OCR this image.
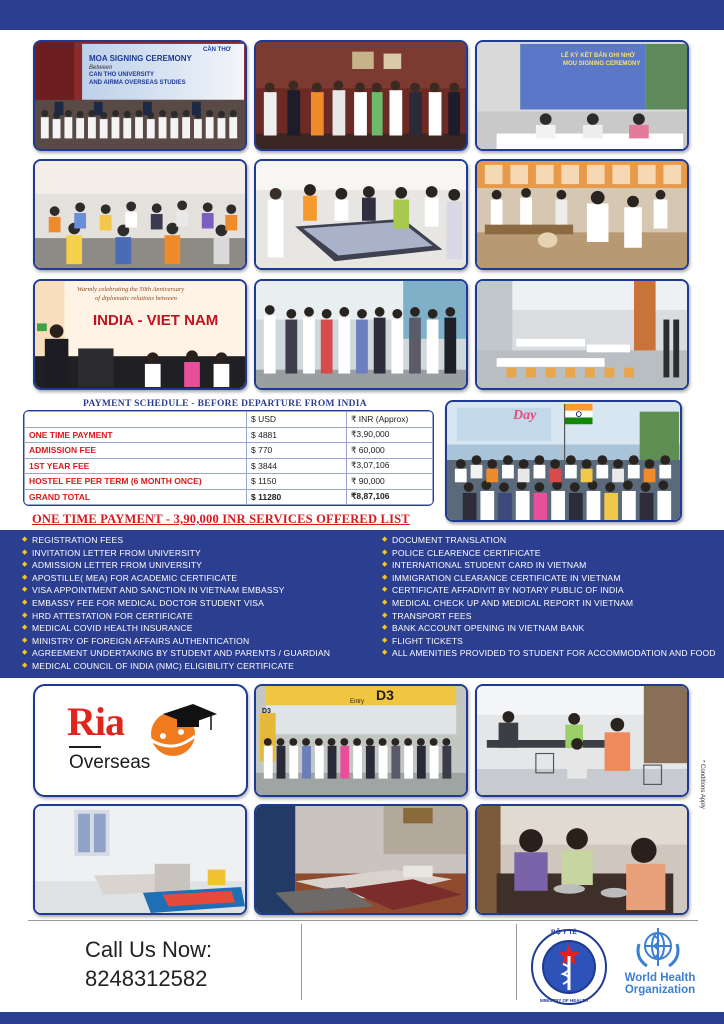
MOA SIGNING CEREMONY
Between
CAN THO UNIVERSITY
AND AIRMA OVERSEAS STUDIES
CẦN THƠ
LỄ KÝ KẾT BẢN GHI NHỚ
MOU SIGNING CEREMONY
Warmly celebrating the 50th Anniversary
of diplomatic relations between
INDIA - VIET NAM
PAYMENT SCHEDULE - BEFORE DEPARTURE FROM INDIA
	$ USD	₹ INR (Approx)
ONE TIME PAYMENT	$ 4881	₹3,90,000
ADMISSION FEE	$ 770	₹ 60,000
1ST YEAR FEE	$ 3844	₹3,07,106
HOSTEL FEE PER TERM (6 MONTH ONCE)	$ 1150	₹ 90,000
GRAND TOTAL	$ 11280	₹8,87,106
Day
ONE TIME PAYMENT - 3,90,000 INR SERVICES OFFERED LIST
◆ REGISTRATION FEES
◆ INVITATION LETTER FROM UNIVERSITY
◆ ADMISSION LETTER FROM UNIVERSITY
◆ APOSTILLE( MEA) FOR ACADEMIC CERTIFICATE
◆ VISA APPOINTMENT AND SANCTION IN VIETNAM EMBASSY
◆ EMBASSY FEE FOR MEDICAL DOCTOR STUDENT VISA
◆ HRD ATTESTATION FOR CERTIFICATE
◆ MEDICAL COVID HEALTH INSURANCE
◆ MINISTRY OF FOREIGN AFFAIRS AUTHENTICATION
◆ AGREEMENT UNDERTAKING BY STUDENT AND PARENTS / GUARDIAN
◆ MEDICAL COUNCIL OF INDIA (NMC) ELIGIBILITY CERTIFICATE
◆ DOCUMENT TRANSLATION
◆ POLICE CLEARENCE CERTIFICATE
◆ INTERNATIONAL STUDENT CARD IN VIETNAM
◆ IMMIGRATION CLEARANCE CERTIFICATE IN VIETNAM
◆ CERTIFICATE AFFADIVIT BY NOTARY PUBLIC OF INDIA
◆ MEDICAL CHECK UP AND MEDICAL REPORT IN VIETNAM
◆ TRANSPORT FEES
◆ BANK ACCOUNT OPENING IN VIETNAM BANK
◆ FLIGHT TICKETS
◆ ALL AMENITIES PROVIDED TO STUDENT FOR ACCOMMODATION AND FOOD
Ria
Overseas
D3
Entry
D3
* Conditions Apply
Call Us Now:
8248312582
BỘ Y TẾ
MINISTRY OF HEALTH
World Health
Organization
